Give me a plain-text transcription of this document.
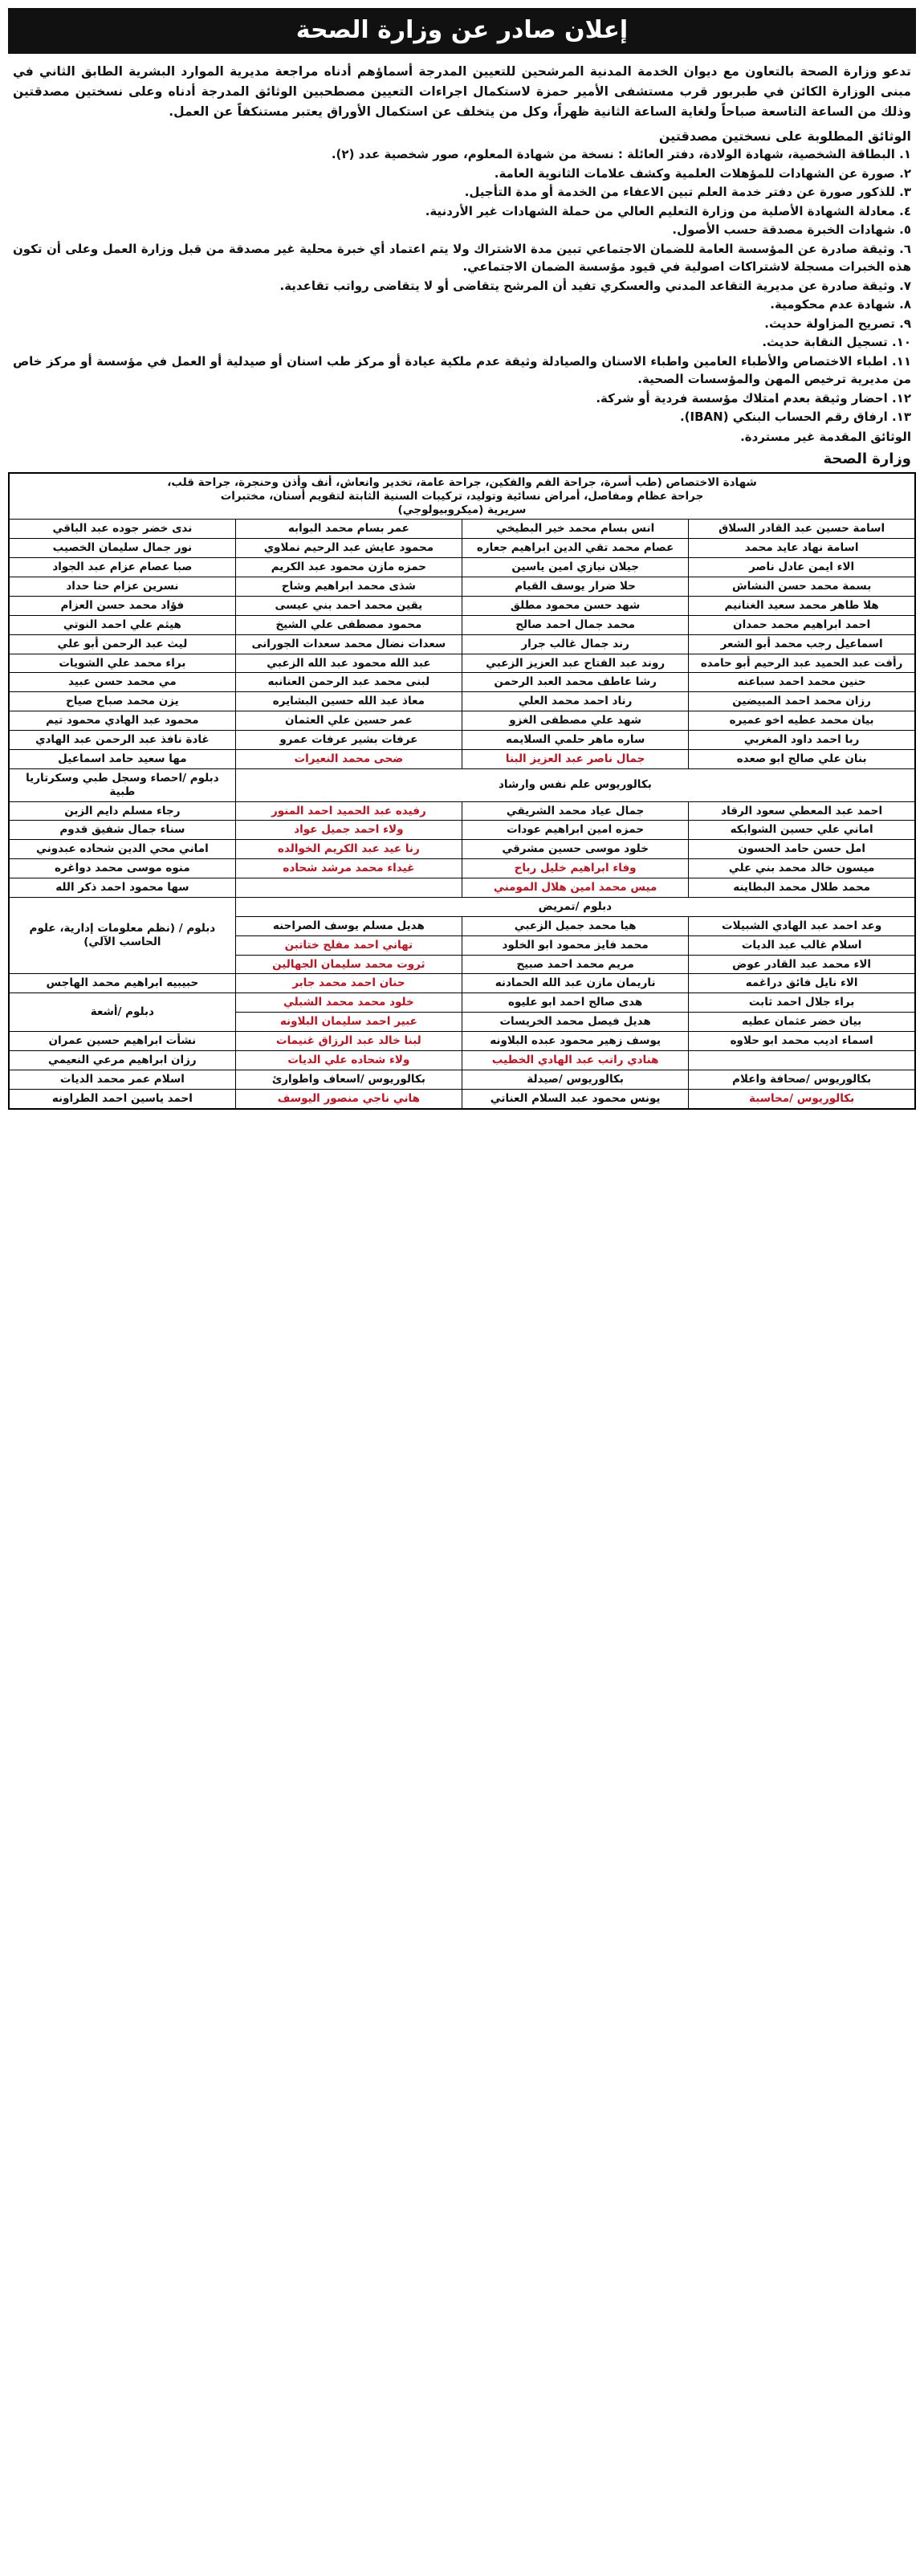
إعلان صادر عن وزارة الصحة

تدعو وزارة الصحة بالتعاون مع ديوان الخدمة المدنية المرشحين للتعيين المدرجة أسماؤهم أدناه مراجعة مديرية الموارد البشرية الطابق الثاني في مبنى الوزارة الكائن في طبربور قرب مستشفى الأمير حمزة لاستكمال اجراءات التعيين مصطحبين الوثائق المدرجة أدناه وعلى نسختين مصدقتين وذلك من الساعة التاسعة صباحاً ولغاية الساعة الثانية ظهراً، وكل من يتخلف عن استكمال الأوراق يعتبر مستنكفاً عن العمل.

الوثائق المطلوبة على نسختين مصدقتين
١. البطاقة الشخصية، شهادة الولادة، دفتر العائلة : نسخة من شهادة المعلوم، صور شخصية عدد (٢).
٢. صورة عن الشهادات للمؤهلات العلمية وكشف علامات الثانوية العامة.
٣. للذكور صورة عن دفتر خدمة العلم تبين الاعفاء من الخدمة أو مدة التأجيل.
٤. معادلة الشهادة الأصلية من وزارة التعليم العالي من حملة الشهادات غير الأردنية.
٥. شهادات الخبرة مصدقة حسب الأصول.
٦. وثيقة صادرة عن المؤسسة العامة للضمان الاجتماعي تبين مدة الاشتراك ولا يتم اعتماد أي خبرة محلية غير مصدقة من قبل وزارة العمل وعلى أن تكون هذه الخبرات مسجلة لاشتراكات اصولية في قيود مؤسسة الضمان الاجتماعي.
٧. وثيقة صادرة عن مديرية التقاعد المدني والعسكري تفيد أن المرشح يتقاضى أو لا يتقاضى رواتب تقاعدية.
٨. شهادة عدم محكومية.
٩. تصريح المزاولة حديث.
١٠. تسجيل النقابة حديث.
١١. اطباء الاختصاص والأطباء العامين واطباء الاسنان والصيادلة وثيقة عدم ملكية عيادة أو مركز طب اسنان أو صيدلية أو العمل في مؤسسة أو مركز خاص من مديرية ترخيص المهن والمؤسسات الصحية.
١٢. احضار وثيقة بعدم امتلاك مؤسسة فردية أو شركة.
١٣. ارفاق رقم الحساب البنكي (IBAN).
الوثائق المقدمة غير مستردة.
وزارة الصحة
شهادة الاختصاص (طب أسرة، جراحة الفم والفكين، جراحة عامة، تخدير وانعاش، أنف وأذن وحنجرة، جراحة قلب،
جراحة عظام ومفاصل، أمراض نسائية وتوليد، تركيبات السنية الثابتة لتقويم أسنان، مختبرات
سريرية (ميكروبيولوجي)			

اسامة حسين عبد القادر السلاق	انس بسام محمد خير البطيخي	عمر بسام محمد البوابه	ندى خضر جوده عبد الباقي
اسامة نهاد عايد محمد	عصام محمد تقي الدين ابراهيم جعاره	محمود عايش عبد الرحيم نملاوي	نور جمال سليمان الخصيب
الاء ايمن عادل ناصر	جيلان نيازي امين ياسين	حمزه مازن محمود عبد الكريم	صبا عصام عزام عبد الجواد
بسمة محمد حسن النشاش	حلا ضرار يوسف القيام	شذى محمد ابراهيم وشاح	نسرين عزام حنا حداد
هلا طاهر محمد سعيد الغنانيم	شهد حسن محمود مطلق	يقين محمد احمد بني عيسى	فؤاد محمد حسن العزام
احمد ابراهيم محمد حمدان	محمد جمال احمد صالح	محمود مصطفى علي الشيخ	هيثم علي احمد النوتي
اسماعيل رجب محمد أبو الشعر	رند جمال غالب جرار	سعدات نضال محمد سعدات الجورانى	ليث عبد الرحمن أبو علي
رأفت عبد الحميد عبد الرحيم أبو حامده	روند عبد الفتاح عبد العزيز الزعبي	عبد الله محمود عبد الله الزعبي	براء محمد علي الشويات
حنين محمد احمد سباعنه	رشا عاطف محمد العبد الرحمن	لبنى محمد عبد الرحمن العنانبه	مي محمد حسن عبيد
رزان محمد احمد المبيضين	رناد احمد محمد العلي	معاذ عبد الله حسين البشايره	يزن محمد صباح صياح
بيان محمد عطيه اخو عميره	شهد علي مصطفى الغزو	عمر حسين علي العثمان	محمود عبد الهادي محمود تيم
ربا احمد داود المغربي	ساره ماهر حلمي السلايمه	عرفات بشير عرفات عمرو	غادة نافذ عبد الرحمن عبد الهادي
بنان علي صالح ابو صعده	جمال ناصر عبد العزيز البنا	ضحى محمد النعيرات	مها سعيد حامد اسماعيل
بكالوريوس علم نفس وارشاد			دبلوم /احصاء وسجل طبي وسكرتاريا طبية
احمد عبد المعطي سعود الرقاد	جمال عياد محمد الشريقي	رفيده عبد الحميد احمد المنور	رجاء مسلم دايم الزبن
اماني علي حسين الشوابكه	حمزه امين ابراهيم عودات	ولاء احمد جميل عواد	سناء جمال شفيق قدوم
امل حسن حامد الحسون	خلود موسى حسين مشرقي	رنا عيد عبد الكريم الخوالده	اماني محي الدين شحاده عبدوني
ميسون خالد محمد بني علي	وفاء ابراهيم خليل رباح	غيداء محمد مرشد شحاده	منوه موسى محمد دواغره
محمد طلال محمد البطاينه	ميس محمد امين هلال المومني		سها محمود احمد ذكر الله
دبلوم /تمريض			دبلوم / (نظم معلومات إدارية، علوم الحاسب الآلي)
وعد احمد عبد الهادي الشبيلات	هيا محمد جميل الزعبي	هديل مسلم يوسف الصراحنه	
اسلام غالب عبد الديات	محمد فايز محمود ابو الخلود	تهاني احمد مفلح ختاتبن	
الاء محمد عبد القادر عوض	مريم محمد احمد صبيح	ثروت محمد سليمان الجهالين	
الاء نايل فائق دراغمه	ناريمان مازن عبد الله الحمادنه	حنان احمد محمد جابر	حبيبيه ابراهيم محمد الهاجس
براء جلال احمد ثابت	هدى صالح احمد ابو عليوه	خلود محمد محمد الشبلي	دبلوم /أشعة
بيان خضر عثمان عطيه	هديل فيصل محمد الخريسات	عبير احمد سليمان البلاونه	
اسماء اديب محمد ابو حلاوه	يوسف زهير محمود عبده البلاونه	لبنا خالد عبد الرزاق غنيمات	نشأت ابراهيم حسين عمران
	هنادي راتب عبد الهادي الخطيب	ولاء شحاده علي الديات	رزان ابراهيم مرعي النعيمي
بكالوريوس /صحافة واعلام	بكالوريوس /صيدلة	بكالوريوس /اسعاف واطوارئ	اسلام عمر محمد الديات
بكالوريوس /محاسبة	يونس محمود عبد السلام العناتي	هاني ناجي منصور اليوسف	احمد ياسين احمد الطراونه
